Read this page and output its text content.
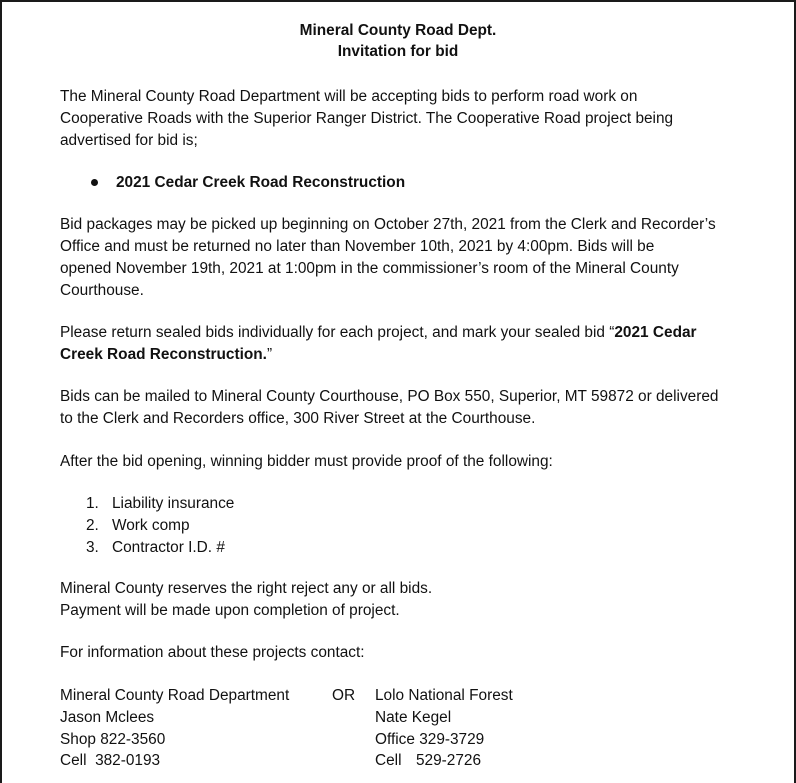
Mineral County Road Dept.
Invitation for bid
The Mineral County Road Department will be accepting bids to perform road work on
Cooperative Roads with the Superior Ranger District. The Cooperative Road project being
advertised for bid is;
2021 Cedar Creek Road Reconstruction
Bid packages may be picked up beginning on October 27th, 2021 from the Clerk and Recorder’s
Office and must be returned no later than November 10th, 2021 by 4:00pm. Bids will be
opened November 19th, 2021 at 1:00pm in the commissioner’s room of the Mineral County
Courthouse.
Please return sealed bids individually for each project, and mark your sealed bid “2021 Cedar
Creek Road Reconstruction.”
Bids can be mailed to Mineral County Courthouse, PO Box 550, Superior, MT 59872 or delivered
to the Clerk and Recorders office, 300 River Street at the Courthouse.
After the bid opening, winning bidder must provide proof of the following:
1. Liability insurance
2. Work comp
3. Contractor I.D. #
Mineral County reserves the right reject any or all bids.
Payment will be made upon completion of project.
For information about these projects contact:
Mineral County Road Department
Jason Mclees
Shop 822-3560
Cell  382-0193
OR Lolo National Forest
Nate Kegel
Office 329-3729
Cell 529-2726
